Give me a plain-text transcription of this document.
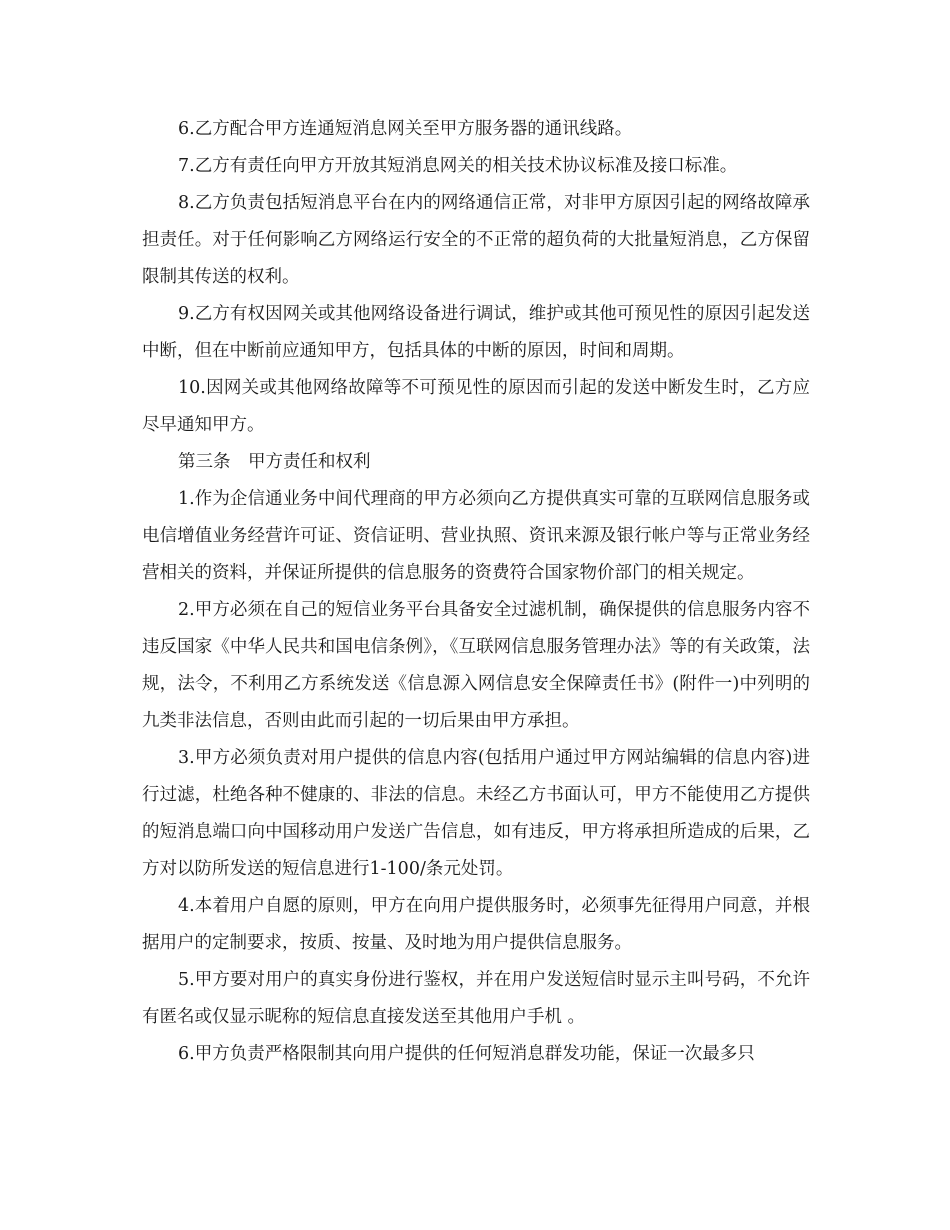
6.乙方配合甲方连通短消息网关至甲方服务器的通讯线路。

7.乙方有责任向甲方开放其短消息网关的相关技术协议标准及接口标准。

8.乙方负责包括短消息平台在内的网络通信正常，对非甲方原因引起的网络故障承担责任。对于任何影响乙方网络运行安全的不正常的超负荷的大批量短消息，乙方保留限制其传送的权利。

9.乙方有权因网关或其他网络设备进行调试，维护或其他可预见性的原因引起发送中断，但在中断前应通知甲方，包括具体的中断的原因，时间和周期。

10.因网关或其他网络故障等不可预见性的原因而引起的发送中断发生时，乙方应尽早通知甲方。

第三条　甲方责任和权利

1.作为企信通业务中间代理商的甲方必须向乙方提供真实可靠的互联网信息服务或电信增值业务经营许可证、资信证明、营业执照、资讯来源及银行帐户等与正常业务经营相关的资料，并保证所提供的信息服务的资费符合国家物价部门的相关规定。

2.甲方必须在自己的短信业务平台具备安全过滤机制，确保提供的信息服务内容不违反国家《中华人民共和国电信条例》，《互联网信息服务管理办法》等的有关政策，法规，法令，不利用乙方系统发送《信息源入网信息安全保障责任书》(附件一)中列明的九类非法信息，否则由此而引起的一切后果由甲方承担。

3.甲方必须负责对用户提供的信息内容(包括用户通过甲方网站编辑的信息内容)进行过滤，杜绝各种不健康的、非法的信息。未经乙方书面认可，甲方不能使用乙方提供的短消息端口向中国移动用户发送广告信息，如有违反，甲方将承担所造成的后果，乙方对以防所发送的短信息进行1-100/条元处罚。

4.本着用户自愿的原则，甲方在向用户提供服务时，必须事先征得用户同意，并根据用户的定制要求，按质、按量、及时地为用户提供信息服务。

5.甲方要对用户的真实身份进行鉴权，并在用户发送短信时显示主叫号码，不允许有匿名或仅显示昵称的短信息直接发送至其他用户手机 。

6.甲方负责严格限制其向用户提供的任何短消息群发功能，保证一次最多只
